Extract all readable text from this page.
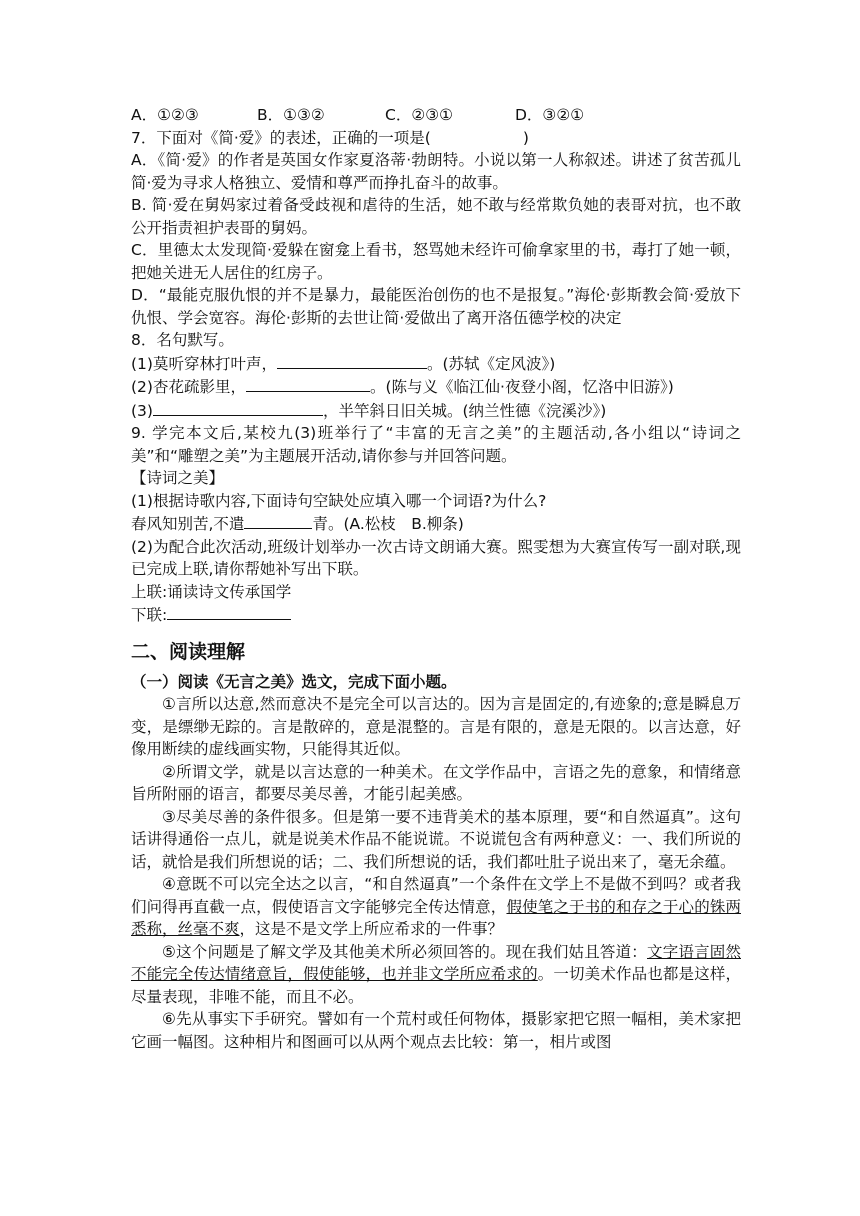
A．①②③	B．①③②	C．②③①	D．③②①
7．下面对《简·爱》的表述，正确的一项是(	)
A．《简·爱》的作者是英国女作家夏洛蒂·勃朗特。小说以第一人称叙述。讲述了贫苦孤儿简·爱为寻求人格独立、爱情和尊严而挣扎奋斗的故事。
B. 简·爱在舅妈家过着备受歧视和虐待的生活，她不敢与经常欺负她的表哥对抗，也不敢公开指责袒护表哥的舅妈。
C．里德太太发现简·爱躲在窗龛上看书，怒骂她未经许可偷拿家里的书，毒打了她一顿，把她关进无人居住的红房子。
D．“最能克服仇恨的并不是暴力，最能医治创伤的也不是报复。”海伦·彭斯教会简·爱放下仇恨、学会宽容。海伦·彭斯的去世让简·爱做出了离开洛伍德学校的决定
8．名句默写。
(1)莫听穿林打叶声，	。(苏轼《定风波》)
(2)杏花疏影里，	。(陈与义《临江仙·夜登小阁，忆洛中旧游》)
(3)	，半竿斜日旧关城。(纳兰性德《浣溪沙》)
9. 学完本文后,某校九(3)班举行了“丰富的无言之美”的主题活动,各小组以“诗词之美”和“雕塑之美”为主题展开活动,请你参与并回答问题。
【诗词之美】
(1)根据诗歌内容,下面诗句空缺处应填入哪一个词语?为什么?
春风知别苦,不遣	青。(A.松枝　B.柳条)
(2)为配合此次活动,班级计划举办一次古诗文朗诵大赛。熙雯想为大赛宣传写一副对联,现已完成上联,请你帮她补写出下联。
上联:诵读诗文传承国学
下联:
二、阅读理解
（一）阅读《无言之美》选文，完成下面小题。
①言所以达意,然而意决不是完全可以言达的。因为言是固定的,有迹象的;意是瞬息万变，是缥缈无踪的。言是散碎的，意是混整的。言是有限的，意是无限的。以言达意，好像用断续的虚线画实物，只能得其近似。
②所谓文学，就是以言达意的一种美术。在文学作品中，言语之先的意象，和情绪意旨所附丽的语言，都要尽美尽善，才能引起美感。
③尽美尽善的条件很多。但是第一要不违背美术的基本原理，要“和自然逼真”。这句话讲得通俗一点儿，就是说美术作品不能说谎。不说谎包含有两种意义：一、我们所说的话，就恰是我们所想说的话；二、我们所想说的话，我们都吐肚子说出来了，毫无余蕴。
④意既不可以完全达之以言，“和自然逼真”一个条件在文学上不是做不到吗？或者我们问得再直截一点，假使语言文字能够完全传达情意，假使笔之于书的和存之于心的铢两悉称，丝毫不爽，这是不是文学上所应希求的一件事？
⑤这个问题是了解文学及其他美术所必须回答的。现在我们姑且答道：文字语言固然不能完全传达情绪意旨，假使能够，也并非文学所应希求的。一切美术作品也都是这样，尽量表现，非唯不能，而且不必。
⑥先从事实下手研究。譬如有一个荒村或任何物体，摄影家把它照一幅相，美术家把它画一幅图。这种相片和图画可以从两个观点去比较：第一，相片或图
